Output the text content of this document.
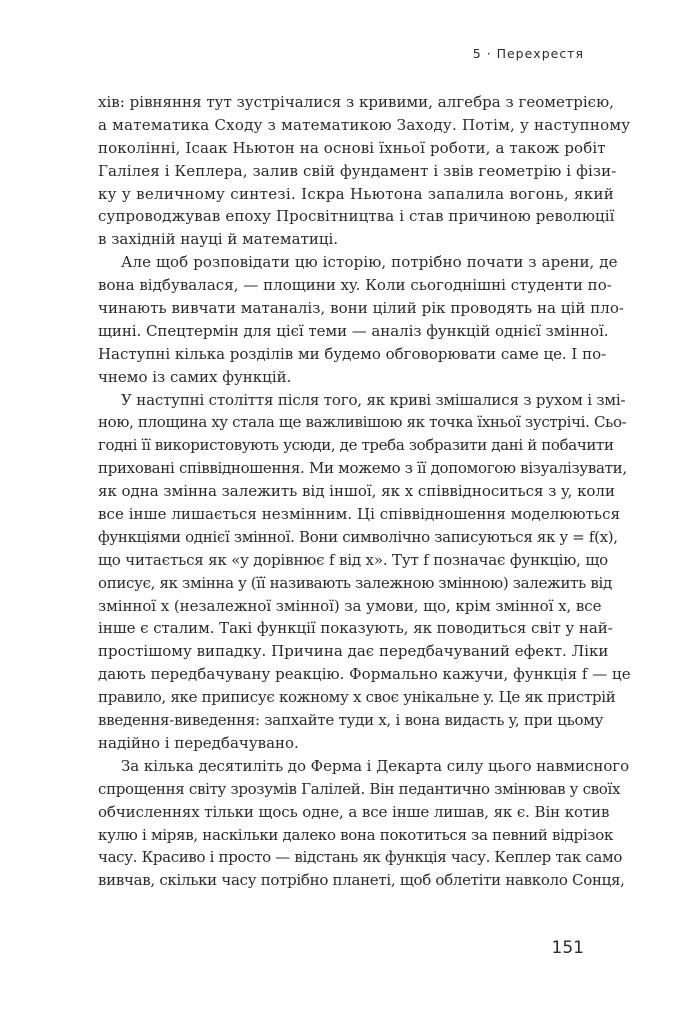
5 · Перехрестя
хів: рівняння тут зустрічалися з кривими, алгебра з геометрією,
а математика Сходу з математикою Заходу. Потім, у наступному
поколінні, Ісаак Ньютон на основі їхньої роботи, а також робіт
Галілея і Кеплера, залив свій фундамент і звів геометрію і фізи-
ку у величному синтезі. Іскра Ньютона запалила вогонь, який
супроводжував епоху Просвітництва і став причиною революції
в західній науці й математиці.
Але щоб розповідати цю історію, потрібно почати з арени, де
вона відбувалася, — площини xy. Коли сьогоднішні студенти по-
чинають вивчати матаналіз, вони цілий рік проводять на цій пло-
щині. Спецтермін для цієї теми — аналіз функцій однієї змінної.
Наступні кілька розділів ми будемо обговорювати саме це. І по-
чнемо із самих функцій.
У наступні століття після того, як криві змішалися з рухом і змі-
ною, площина xy стала ще важливішою як точка їхньої зустрічі. Сьо-
годні її використовують усюди, де треба зобразити дані й побачити
приховані співвідношення. Ми можемо з її допомогою візуалізувати,
як одна змінна залежить від іншої, як x співвідноситься з y, коли
все інше лишається незмінним. Ці співвідношення моделюються
функціями однієї змінної. Вони символічно записуються як y = f(x),
що читається як «y дорівнює f від x». Тут f позначає функцію, що
описує, як змінна y (її називають залежною змінною) залежить від
змінної x (незалежної змінної) за умови, що, крім змінної x, все
інше є сталим. Такі функції показують, як поводиться світ у най-
простішому випадку. Причина дає передбачуваний ефект. Ліки
дають передбачувану реакцію. Формально кажучи, функція f — це
правило, яке приписує кожному x своє унікальне y. Це як пристрій
введення-виведення: запхайте туди x, і вона видасть y, при цьому
надійно і передбачувано.
За кілька десятиліть до Ферма і Декарта силу цього навмисного
спрощення світу зрозумів Галілей. Він педантично змінював у своїх
обчисленнях тільки щось одне, а все інше лишав, як є. Він котив
кулю і міряв, наскільки далеко вона покотиться за певний відрізок
часу. Красиво і просто — відстань як функція часу. Кеплер так само
вивчав, скільки часу потрібно планеті, щоб облетіти навколо Сонця,
151
